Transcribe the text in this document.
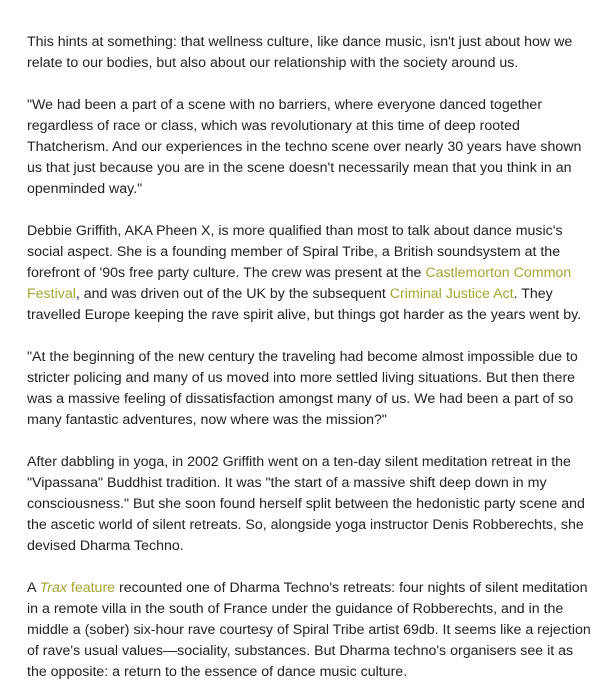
This hints at something: that wellness culture, like dance music, isn't just about how we relate to our bodies, but also about our relationship with the society around us.

"We had been a part of a scene with no barriers, where everyone danced together regardless of race or class, which was revolutionary at this time of deep rooted Thatcherism. And our experiences in the techno scene over nearly 30 years have shown us that just because you are in the scene doesn't necessarily mean that you think in an openminded way."

Debbie Griffith, AKA Pheen X, is more qualified than most to talk about dance music's social aspect. She is a founding member of Spiral Tribe, a British soundsystem at the forefront of '90s free party culture. The crew was present at the Castlemorton Common Festival, and was driven out of the UK by the subsequent Criminal Justice Act. They travelled Europe keeping the rave spirit alive, but things got harder as the years went by.

"At the beginning of the new century the traveling had become almost impossible due to stricter policing and many of us moved into more settled living situations. But then there was a massive feeling of dissatisfaction amongst many of us. We had been a part of so many fantastic adventures, now where was the mission?"

After dabbling in yoga, in 2002 Griffith went on a ten-day silent meditation retreat in the "Vipassana" Buddhist tradition. It was "the start of a massive shift deep down in my consciousness." But she soon found herself split between the hedonistic party scene and the ascetic world of silent retreats. So, alongside yoga instructor Denis Robberechts, she devised Dharma Techno.

A Trax feature recounted one of Dharma Techno's retreats: four nights of silent meditation in a remote villa in the south of France under the guidance of Robberechts, and in the middle a (sober) six-hour rave courtesy of Spiral Tribe artist 69db. It seems like a rejection of rave's usual values—sociality, substances. But Dharma techno's organisers see it as the opposite: a return to the essence of dance music culture.
